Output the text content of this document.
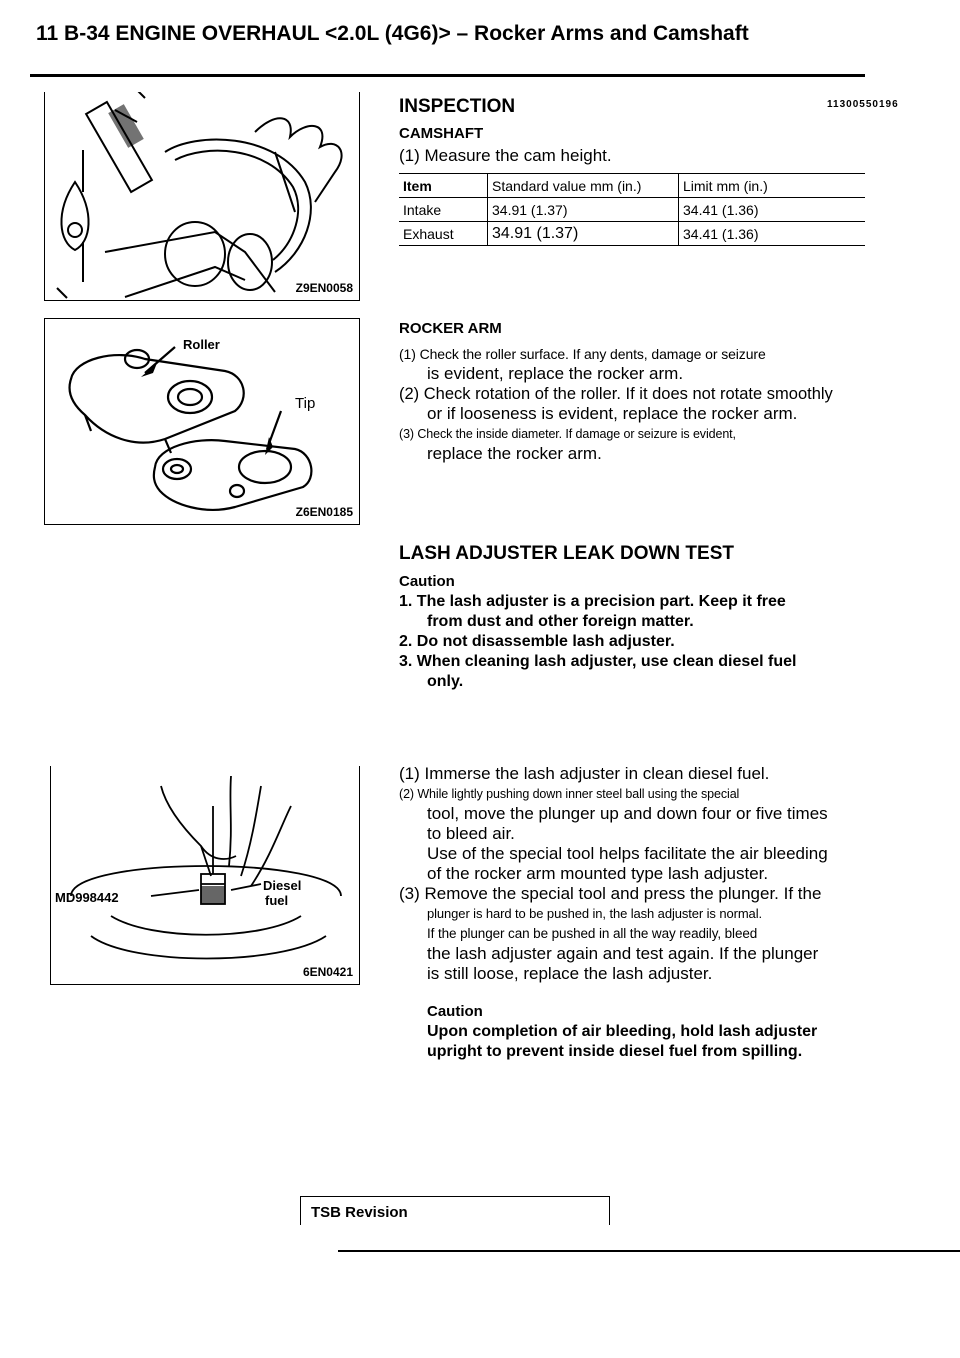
11 B-34 ENGINE OVERHAUL <2.0L (4G6)> – Rocker Arms and Camshaft
Z9EN0058
Roller
Tip
Z6EN0185
MD998442
Diesel
fuel
6EN0421
INSPECTION	11300550196
CAMSHAFT
(1) Measure the cam height.
Item	Standard value mm (in.)	Limit mm (in.)
Intake	34.91 (1.37)	34.41 (1.36)
Exhaust	34.91 (1.37)	34.41 (1.36)
ROCKER ARM

(1) Check the roller surface. If any dents, damage or seizure

is evident, replace the rocker arm.

(2) Check rotation of the roller. If it does not rotate smoothly

or if looseness is evident, replace the rocker arm.

(3) Check the inside diameter. If damage or seizure is evident,

replace the rocker arm.

LASH ADJUSTER LEAK DOWN TEST

Caution

1. The lash adjuster is a precision part. Keep it free

from dust and other foreign matter.

2. Do not disassemble lash adjuster.

3. When cleaning lash adjuster, use clean diesel fuel

only.

(1) Immerse the lash adjuster in clean diesel fuel.

(2) While lightly pushing down inner steel ball using the special

tool, move the plunger up and down four or five times

to bleed air.

Use of the special tool helps facilitate the air bleeding

of the rocker arm mounted type lash adjuster.

(3) Remove the special tool and press the plunger. If the

plunger is hard to be pushed in, the lash adjuster is normal.

If the plunger can be pushed in all the way readily, bleed

the lash adjuster again and test again. If the plunger

is still loose, replace the lash adjuster.

Caution

Upon completion of air bleeding, hold lash adjuster

upright to prevent inside diesel fuel from spilling.

TSB Revision
